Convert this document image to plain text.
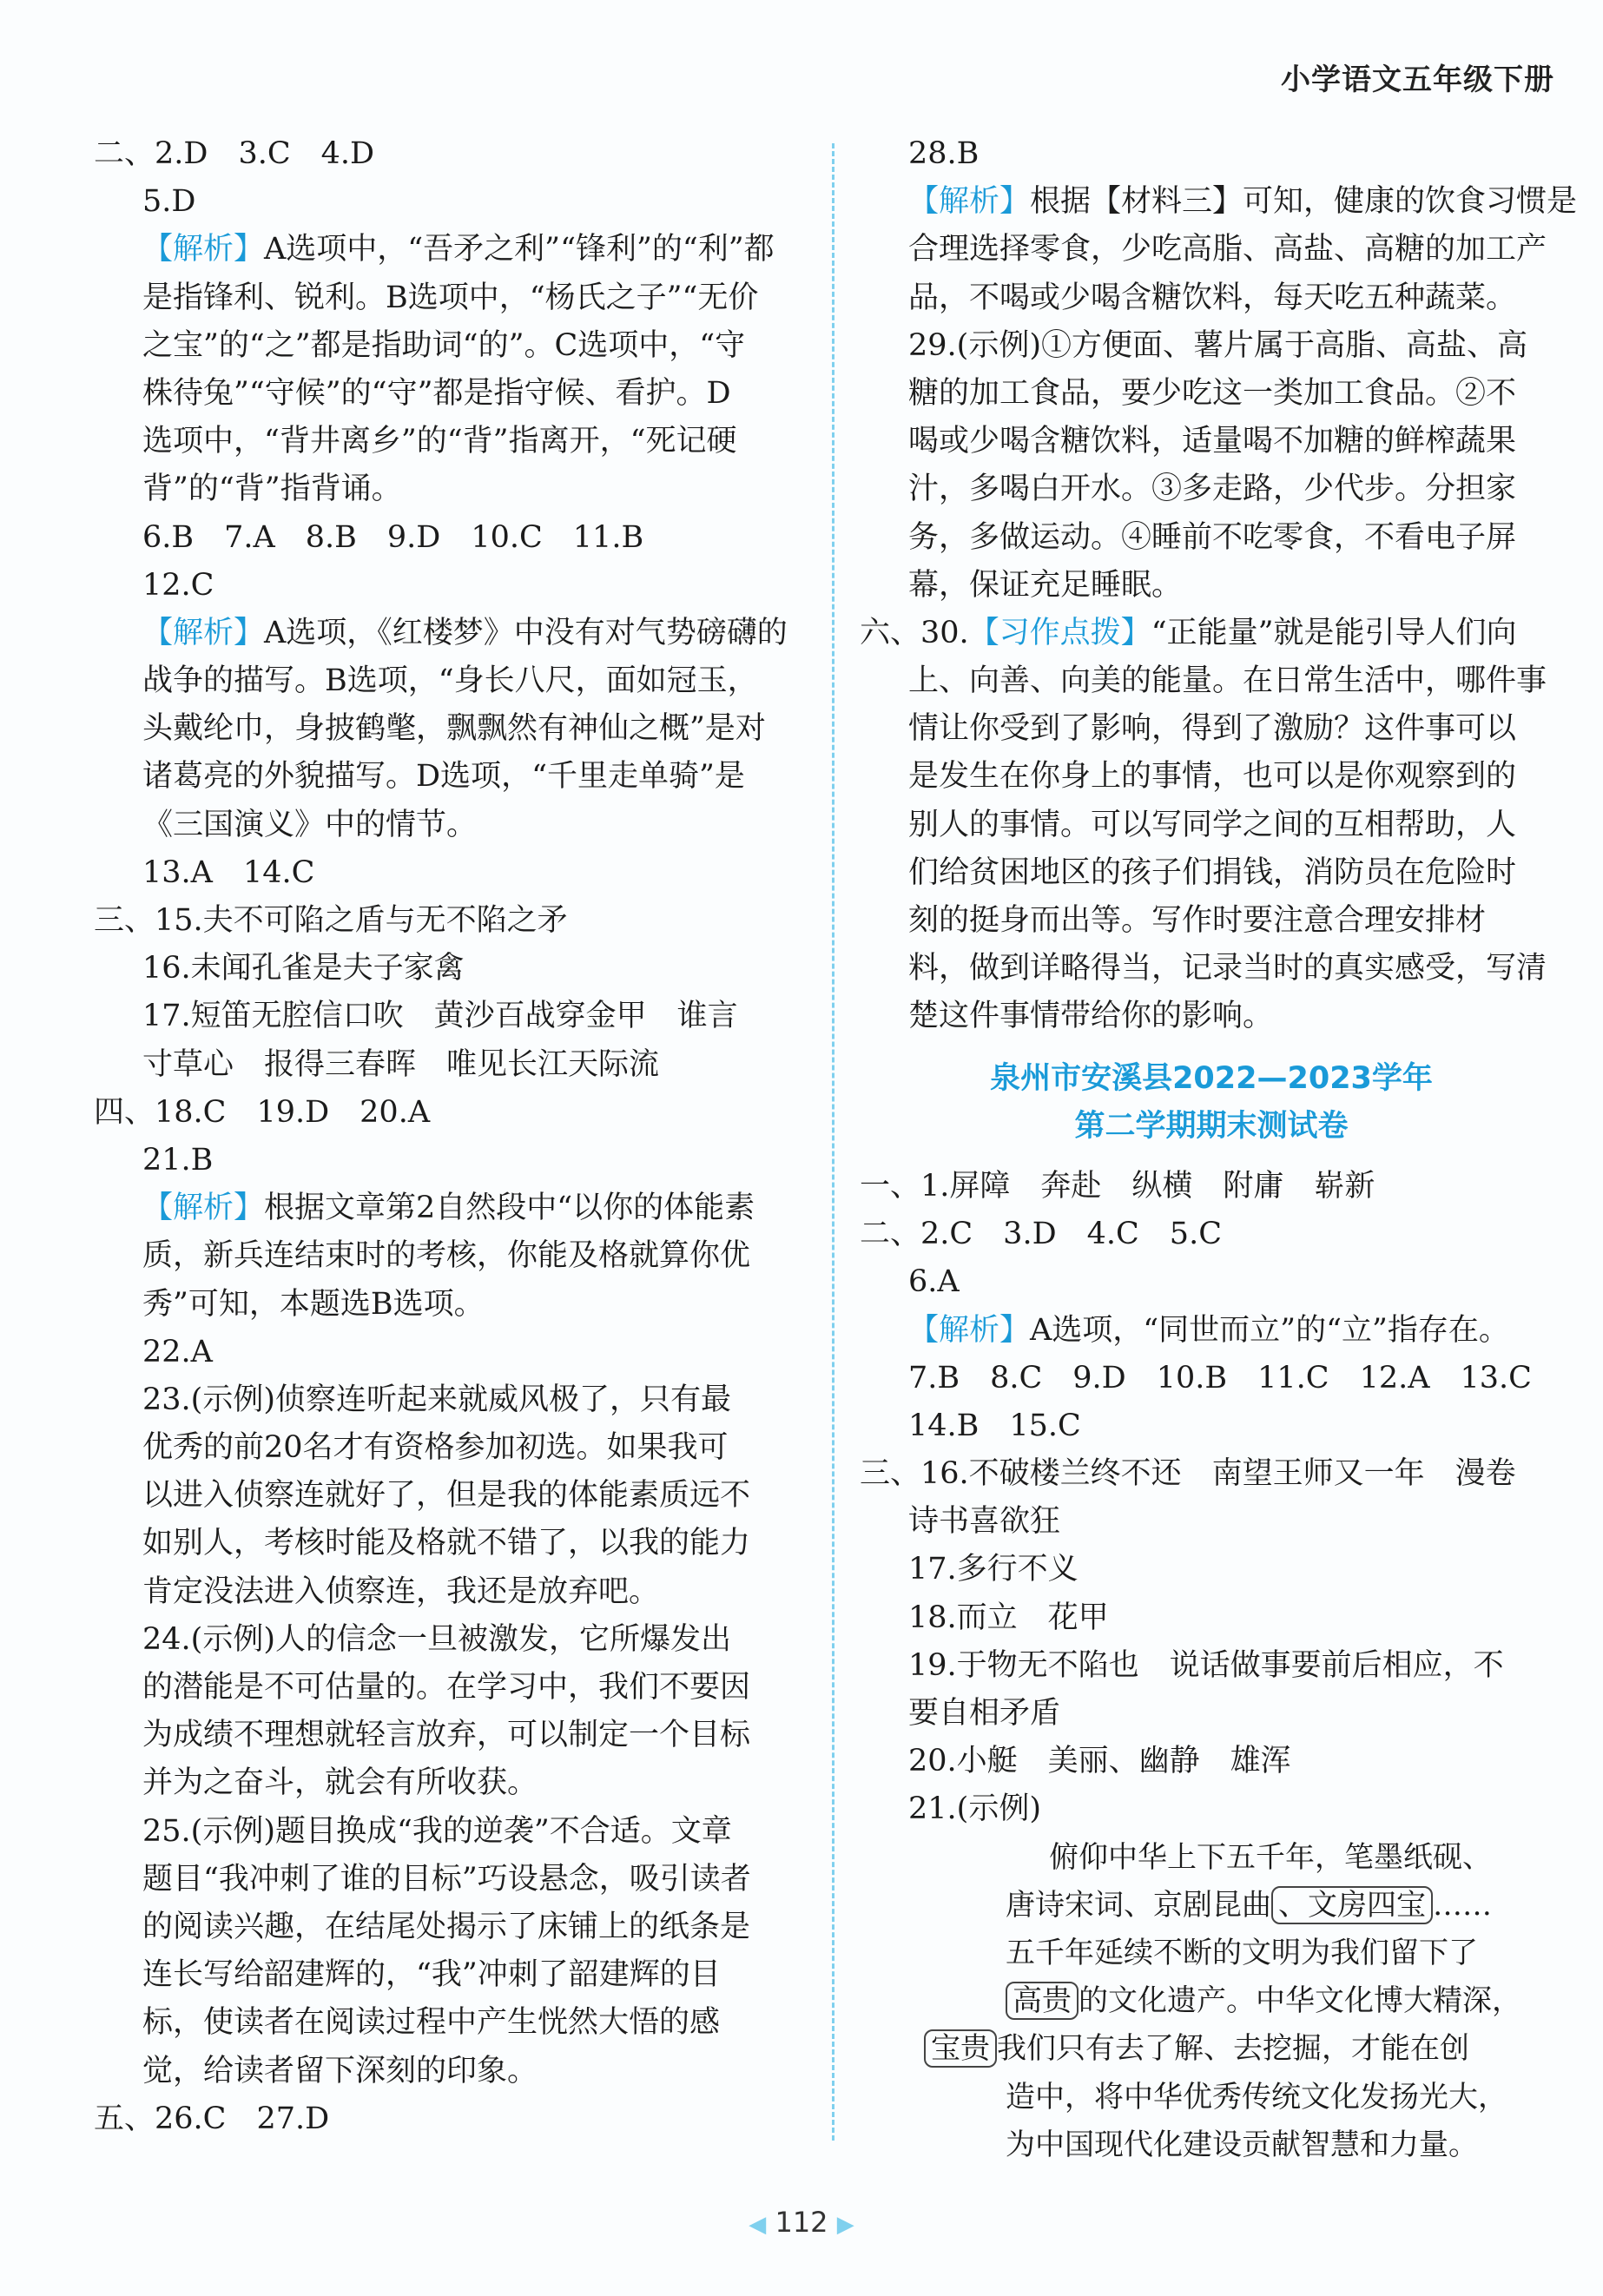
小学语文五年级下册
二、2.D　3.C　4.D
5.D
【解析】A选项中，“吾矛之利”“锋利”的“利”都
是指锋利、锐利。B选项中，“杨氏之子”“无价
之宝”的“之”都是指助词“的”。C选项中，“守
株待兔”“守候”的“守”都是指守候、看护。D
选项中，“背井离乡”的“背”指离开，“死记硬
背”的“背”指背诵。
6.B　7.A　8.B　9.D　10.C　11.B
12.C
【解析】A选项，《红楼梦》中没有对气势磅礴的
战争的描写。B选项，“身长八尺，面如冠玉，
头戴纶巾，身披鹤氅，飘飘然有神仙之概”是对
诸葛亮的外貌描写。D选项，“千里走单骑”是
《三国演义》中的情节。
13.A　14.C
三、15.夫不可陷之盾与无不陷之矛
16.未闻孔雀是夫子家禽
17.短笛无腔信口吹　黄沙百战穿金甲　谁言
寸草心　报得三春晖　唯见长江天际流
四、18.C　19.D　20.A
21.B
【解析】根据文章第2自然段中“以你的体能素
质，新兵连结束时的考核，你能及格就算你优
秀”可知，本题选B选项。
22.A
23.(示例)侦察连听起来就威风极了，只有最
优秀的前20名才有资格参加初选。如果我可
以进入侦察连就好了，但是我的体能素质远不
如别人，考核时能及格就不错了，以我的能力
肯定没法进入侦察连，我还是放弃吧。
24.(示例)人的信念一旦被激发，它所爆发出
的潜能是不可估量的。在学习中，我们不要因
为成绩不理想就轻言放弃，可以制定一个目标
并为之奋斗，就会有所收获。
25.(示例)题目换成“我的逆袭”不合适。文章
题目“我冲刺了谁的目标”巧设悬念，吸引读者
的阅读兴趣，在结尾处揭示了床铺上的纸条是
连长写给韶建辉的，“我”冲刺了韶建辉的目
标，使读者在阅读过程中产生恍然大悟的感
觉，给读者留下深刻的印象。
五、26.C　27.D
28.B
【解析】根据【材料三】可知，健康的饮食习惯是
合理选择零食，少吃高脂、高盐、高糖的加工产
品，不喝或少喝含糖饮料，每天吃五种蔬菜。
29.(示例)①方便面、薯片属于高脂、高盐、高
糖的加工食品，要少吃这一类加工食品。②不
喝或少喝含糖饮料，适量喝不加糖的鲜榨蔬果
汁，多喝白开水。③多走路，少代步。分担家
务，多做运动。④睡前不吃零食，不看电子屏
幕，保证充足睡眠。
六、30.【习作点拨】“正能量”就是能引导人们向
上、向善、向美的能量。在日常生活中，哪件事
情让你受到了影响，得到了激励？这件事可以
是发生在你身上的事情，也可以是你观察到的
别人的事情。可以写同学之间的互相帮助，人
们给贫困地区的孩子们捐钱，消防员在危险时
刻的挺身而出等。写作时要注意合理安排材
料，做到详略得当，记录当时的真实感受，写清
楚这件事情带给你的影响。
泉州市安溪县2022—2023学年
第二学期期末测试卷
一、1.屏障　奔赴　纵横　附庸　崭新
二、2.C　3.D　4.C　5.C
6.A
【解析】A选项，“同世而立”的“立”指存在。
7.B　8.C　9.D　10.B　11.C　12.A　13.C
14.B　15.C
三、16.不破楼兰终不还　南望王师又一年　漫卷
诗书喜欲狂
17.多行不义
18.而立　花甲
19.于物无不陷也　说话做事要前后相应，不
要自相矛盾
20.小艇　美丽、幽静　雄浑
21.(示例)
俯仰中华上下五千年，笔墨纸砚、
唐诗宋词、京剧昆曲 、文房四宝 ……
五千年延续不断的文明为我们留下了
高贵 的文化遗产。中华文化博大精深，
宝贵 我们只有去了解、去挖掘，才能在创
造中，将中华优秀传统文化发扬光大，
为中国现代化建设贡献智慧和力量。
◀ 112 ▶
